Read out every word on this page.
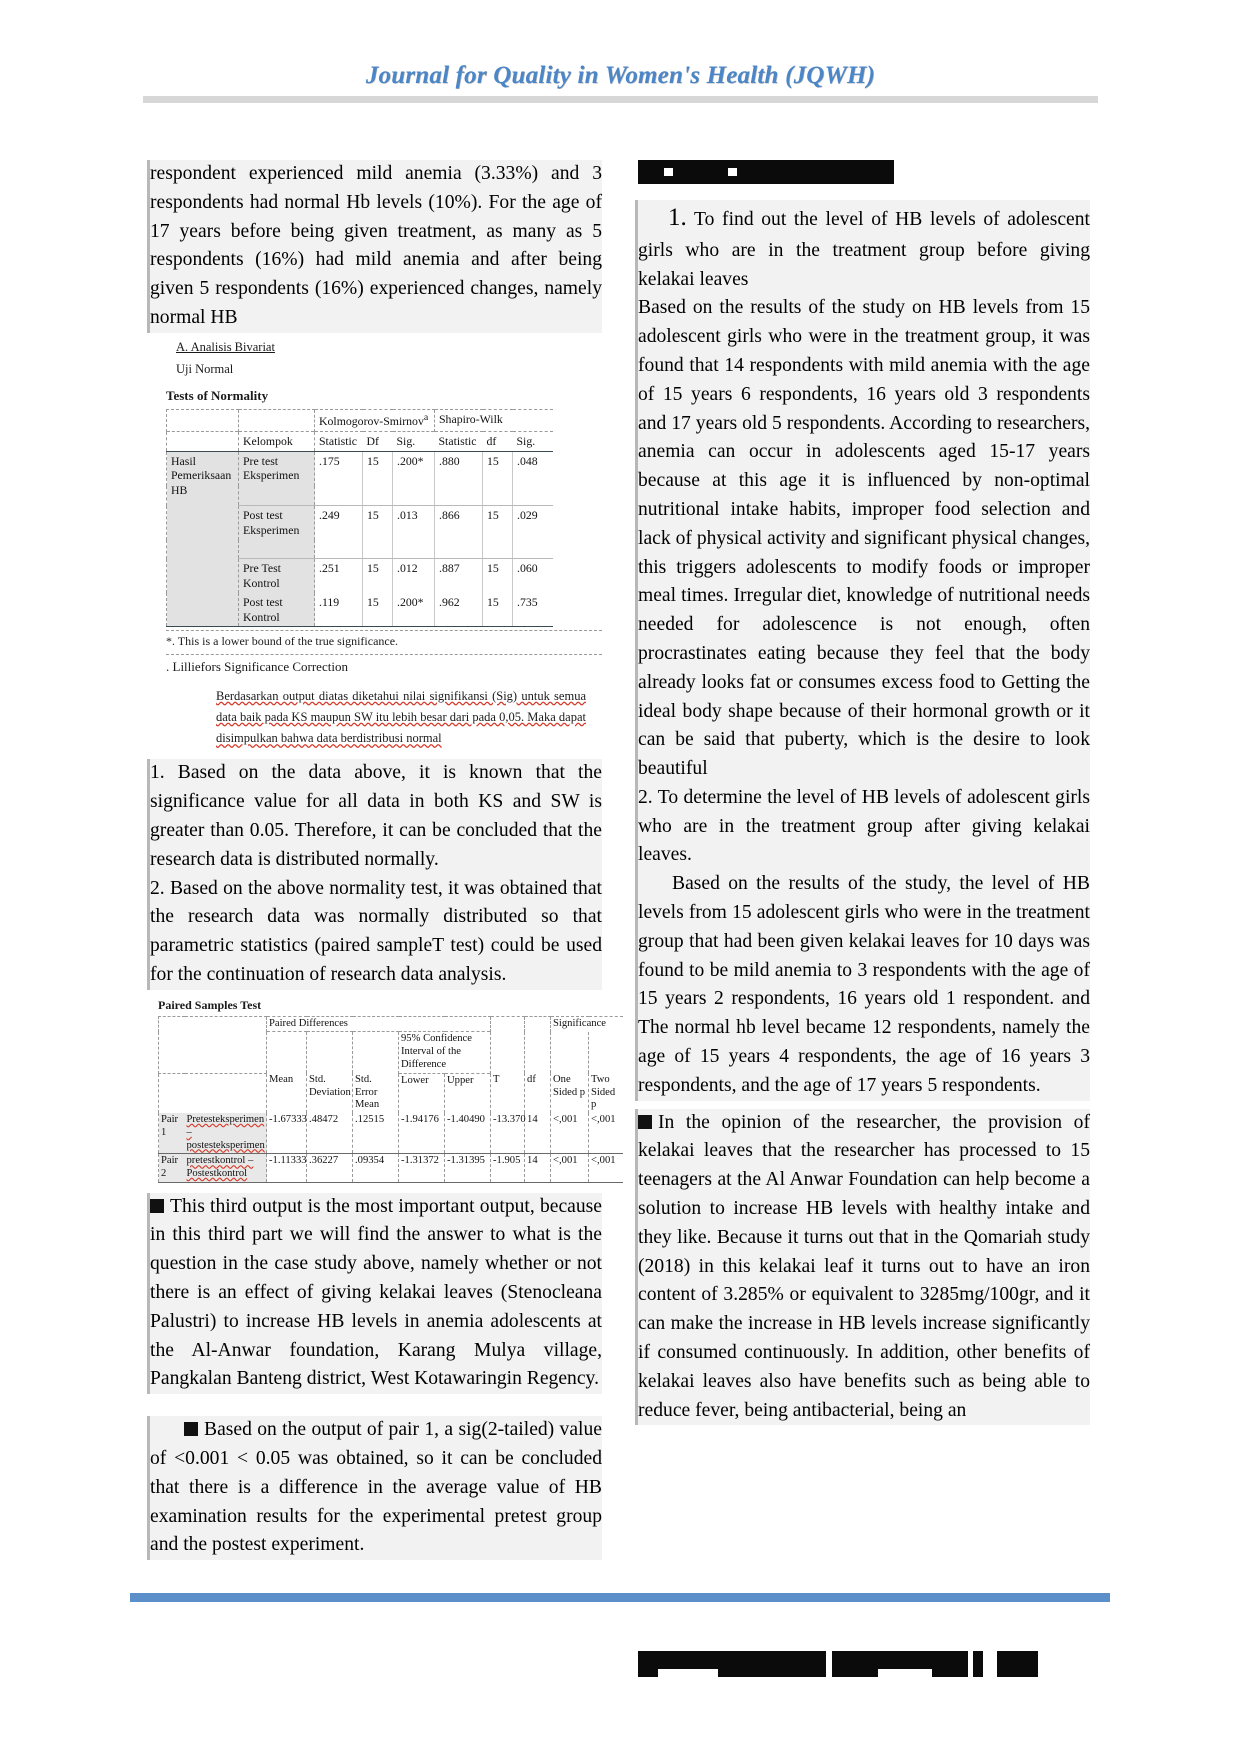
Journal for Quality in Women's Health (JQWH)

respondent experienced mild anemia (3.33%) and 3 respondents had normal Hb levels (10%). For the age of 17 years before being given treatment, as many as 5 respondents (16%) had mild anemia and after being given 5 respondents (16%) experienced changes, namely normal HB

A. Analisis Bivariat
Uji Normal
Tests of Normality
		Kolmogorov-Smirnov$^a$			Shapiro-Wilk		
	Kelompok	Statistic	Df	Sig.	Statistic	df	Sig.
Hasil Pemeriksaan HB	Pre test Eksperimen	.175	15	.200*	.880	15	.048

	Post test Eksperimen	.249	15	.013	.866	15	.029

	Pre Test Kontrol	.251	15	.012	.887	15	.060
	Post test Kontrol	.119	15	.200*	.962	15	.735
*. This is a lower bound of the true significance.
. Lilliefors Significance Correction
Berdasarkan output diatas diketahui nilai signifikansi (Sig) untuk semua data baik pada KS maupun SW itu lebih besar dari pada 0,05. Maka dapat disimpulkan bahwa data berdistribusi normal

1. Based on the data above, it is known that the significance value for all data in both KS and SW is greater than 0.05. Therefore, it can be concluded that the research data is distributed normally.

2. Based on the above normality test, it was obtained that the research data was normally distributed so that parametric statistics (paired sampleT test) could be used for the continuation of research data analysis.

Paired Samples Test
		Paired Differences							Significance	
					95% Confidence Interval of the Difference					
		Mean	Std. Deviation	Std. Error Mean	Lower	Upper	T	df	One Sided p	Two Sided p
Pair 1	Pretesteksperimen – postesteksperimen	-1.67333	.48472	.12515	-1.94176	-1.40490	-13.370	14	<,001	<,001
Pair 2	pretestkontrol – Postestkontrol	-1.11333	.36227	.09354	-1.31372	-1.31395	-1.905	14	<,001	<,001

This third output is the most important output, because in this third part we will find the answer to what is the question in the case study above, namely whether or not there is an effect of giving kelakai leaves (Stenocleana Palustri) to increase HB levels in anemia adolescents at the Al-Anwar foundation, Karang Mulya village, Pangkalan Banteng district, West Kotawaringin Regency.

Based on the output of pair 1, a sig(2-tailed) value of <0.001 < 0.05 was obtained, so it can be concluded that there is a difference in the average value of HB examination results for the experimental pretest group and the postest experiment.

1. To find out the level of HB levels of adolescent girls who are in the treatment group before giving kelakai leaves

Based on the results of the study on HB levels from 15 adolescent girls who were in the treatment group, it was found that 14 respondents with mild anemia with the age of 15 years 6 respondents, 16 years old 3 respondents and 17 years old 5 respondents. According to researchers, anemia can occur in adolescents aged 15-17 years because at this age it is influenced by non-optimal nutritional intake habits, improper food selection and lack of physical activity and significant physical changes, this triggers adolescents to modify foods or improper meal times. Irregular diet, knowledge of nutritional needs needed for adolescence is not enough, often procrastinates eating because they feel that the body already looks fat or consumes excess food to Getting the ideal body shape because of their hormonal growth or it can be said that puberty, which is the desire to look beautiful

2. To determine the level of HB levels of adolescent girls who are in the treatment group after giving kelakai leaves.

Based on the results of the study, the level of HB levels from 15 adolescent girls who were in the treatment group that had been given kelakai leaves for 10 days was found to be mild anemia to 3 respondents with the age of 15 years 2 respondents, 16 years old 1 respondent. and The normal hb level became 12 respondents, namely the age of 15 years 4 respondents, the age of 16 years 3 respondents, and the age of 17 years 5 respondents.

In the opinion of the researcher, the provision of kelakai leaves that the researcher has processed to 15 teenagers at the Al Anwar Foundation can help become a solution to increase HB levels with healthy intake and they like. Because it turns out that in the Qomariah study (2018) in this kelakai leaf it turns out to have an iron content of 3.285% or equivalent to 3285mg/100gr, and it can make the increase in HB levels increase significantly if consumed continuously. In addition, other benefits of kelakai leaves also have benefits such as being able to reduce fever, being antibacterial, being an
